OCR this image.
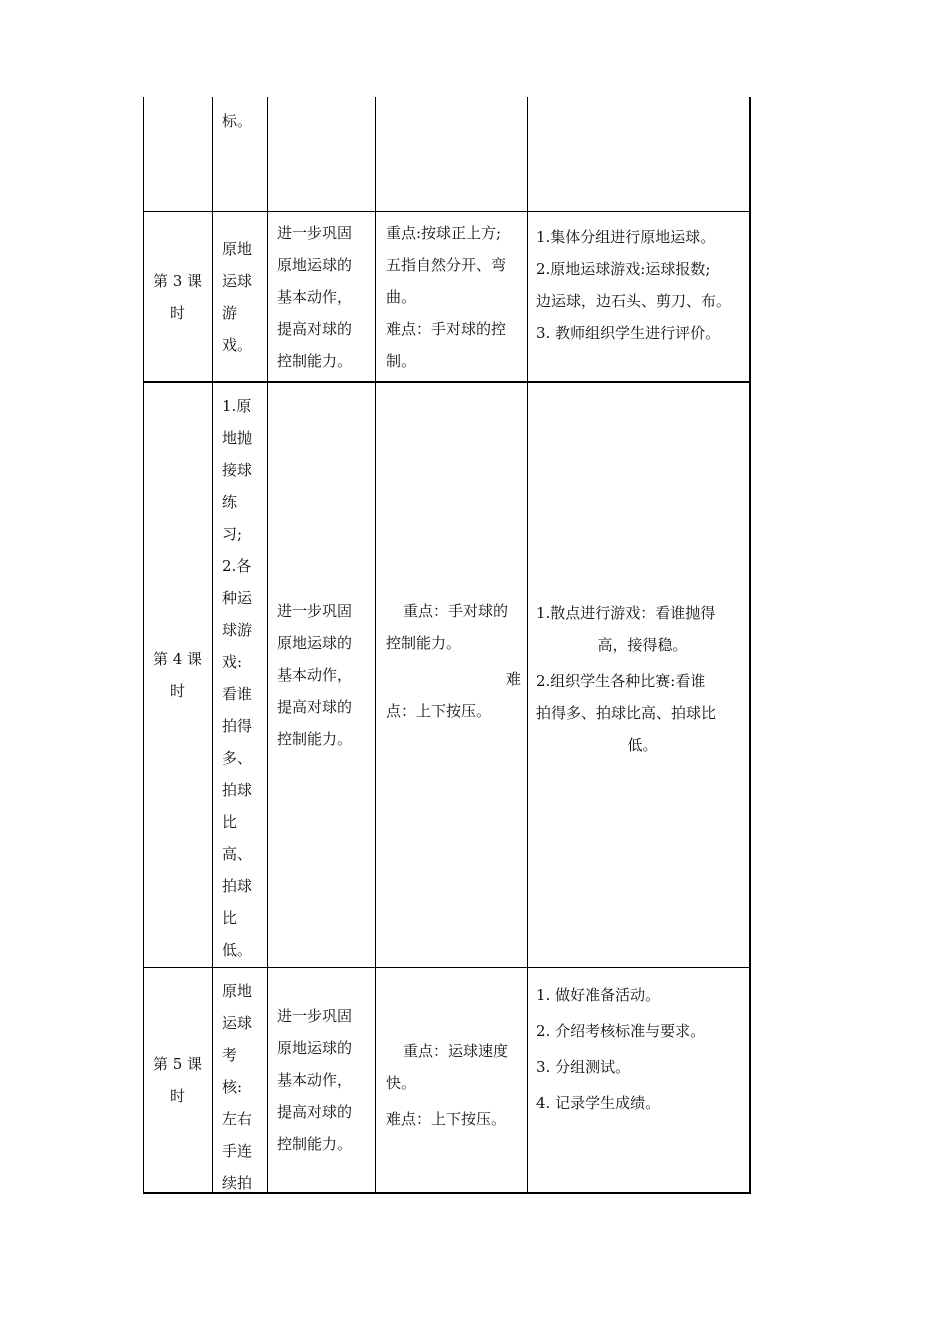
标。

第 3 课

时

原地

运球

游

戏。

进一步巩固

原地运球的

基本动作，

提高对球的

控制能力。

重点:按球正上方;

五指自然分开、弯

曲。

难点：手对球的控

制。

1.集体分组进行原地运球。

2.原地运球游戏:运球报数;

边运球，边石头、剪刀、布。

3. 教师组织学生进行评价。

第 4 课

时

1.原

地抛

接球

练

习;

2.各

种运

球游

戏:

看谁

拍得

多、

拍球

比

高、

拍球

比

低。

进一步巩固

原地运球的

基本动作，

提高对球的

控制能力。

重点：手对球的

控制能力。

难

点：上下按压。

1.散点进行游戏：看谁抛得

高，接得稳。

2.组织学生各种比赛:看谁

拍得多、拍球比高、拍球比

低。

第 5 课

时

原地

运球

考

核:

左右

手连

续拍

进一步巩固

原地运球的

基本动作，

提高对球的

控制能力。

重点：运球速度

快。

难点：上下按压。

1. 做好准备活动。

2. 介绍考核标准与要求。

3. 分组测试。

4. 记录学生成绩。
